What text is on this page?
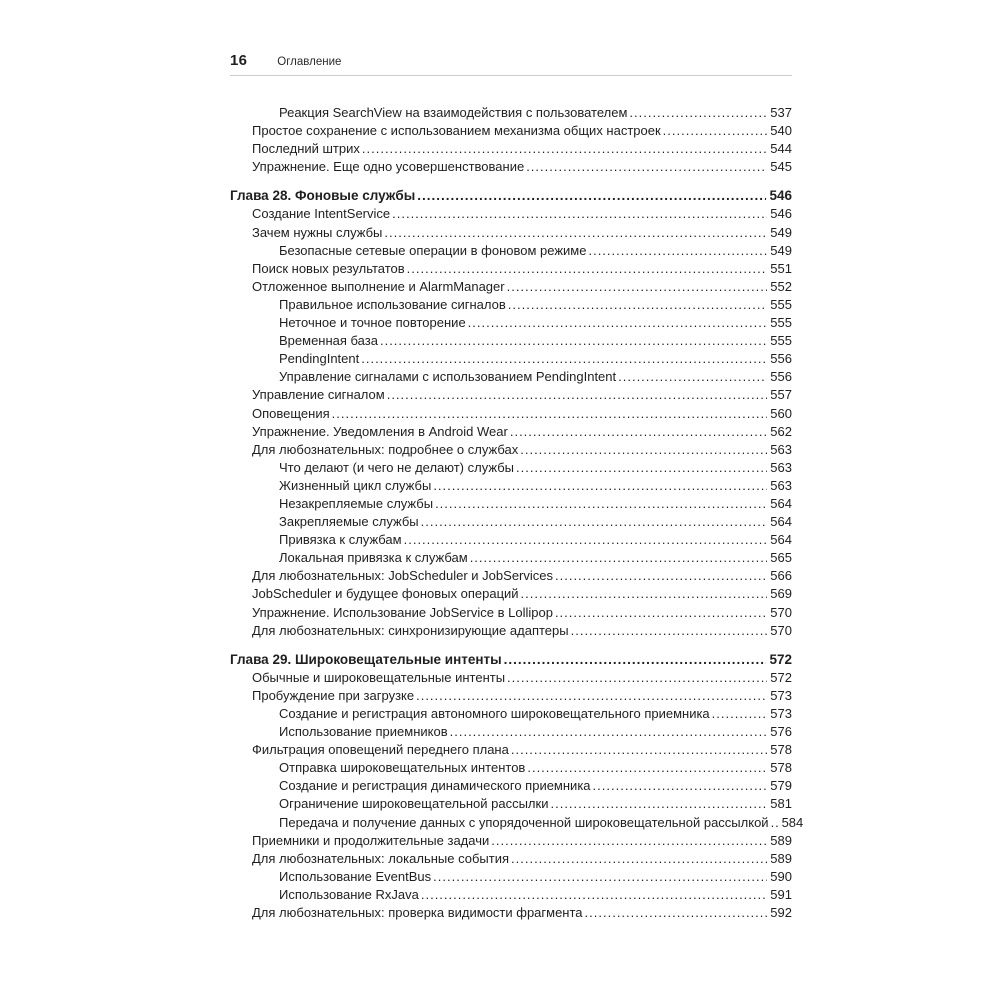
16	Оглавление
Реакция SearchView на взаимодействия с пользователем .....	537
Простое сохранение с использованием механизма общих настроек .....	540
Последний штрих .....	544
Упражнение. Еще одно усовершенствование .....	545
Глава 28. Фоновые службы .....	546
Создание IntentService .....	546
Зачем нужны службы .....	549
Безопасные сетевые операции в фоновом режиме .....	549
Поиск новых результатов .....	551
Отложенное выполнение и AlarmManager .....	552
Правильное использование сигналов .....	555
Неточное и точное повторение .....	555
Временная база .....	555
PendingIntent .....	556
Управление сигналами с использованием PendingIntent .....	556
Управление сигналом .....	557
Оповещения .....	560
Упражнение. Уведомления в Android Wear .....	562
Для любознательных: подробнее о службах .....	563
Что делают (и чего не делают) службы .....	563
Жизненный цикл службы .....	563
Незакрепляемые службы .....	564
Закрепляемые службы .....	564
Привязка к службам .....	564
Локальная привязка к службам .....	565
Для любознательных: JobScheduler и JobServices .....	566
JobScheduler и будущее фоновых операций .....	569
Упражнение. Использование JobService в Lollipop .....	570
Для любознательных: синхронизирующие адаптеры .....	570
Глава 29. Широковещательные интенты .....	572
Обычные и широковещательные интенты .....	572
Пробуждение при загрузке .....	573
Создание и регистрация автономного широковещательного приемника .....	573
Использование приемников .....	576
Фильтрация оповещений переднего плана .....	578
Отправка широковещательных интентов .....	578
Создание и регистрация динамического приемника .....	579
Ограничение широковещательной рассылки .....	581
Передача и получение данных с упорядоченной широковещательной рассылкой ..... 584
Приемники и продолжительные задачи .....	589
Для любознательных: локальные события .....	589
Использование EventBus .....	590
Использование RxJava .....	591
Для любознательных: проверка видимости фрагмента .....	592
